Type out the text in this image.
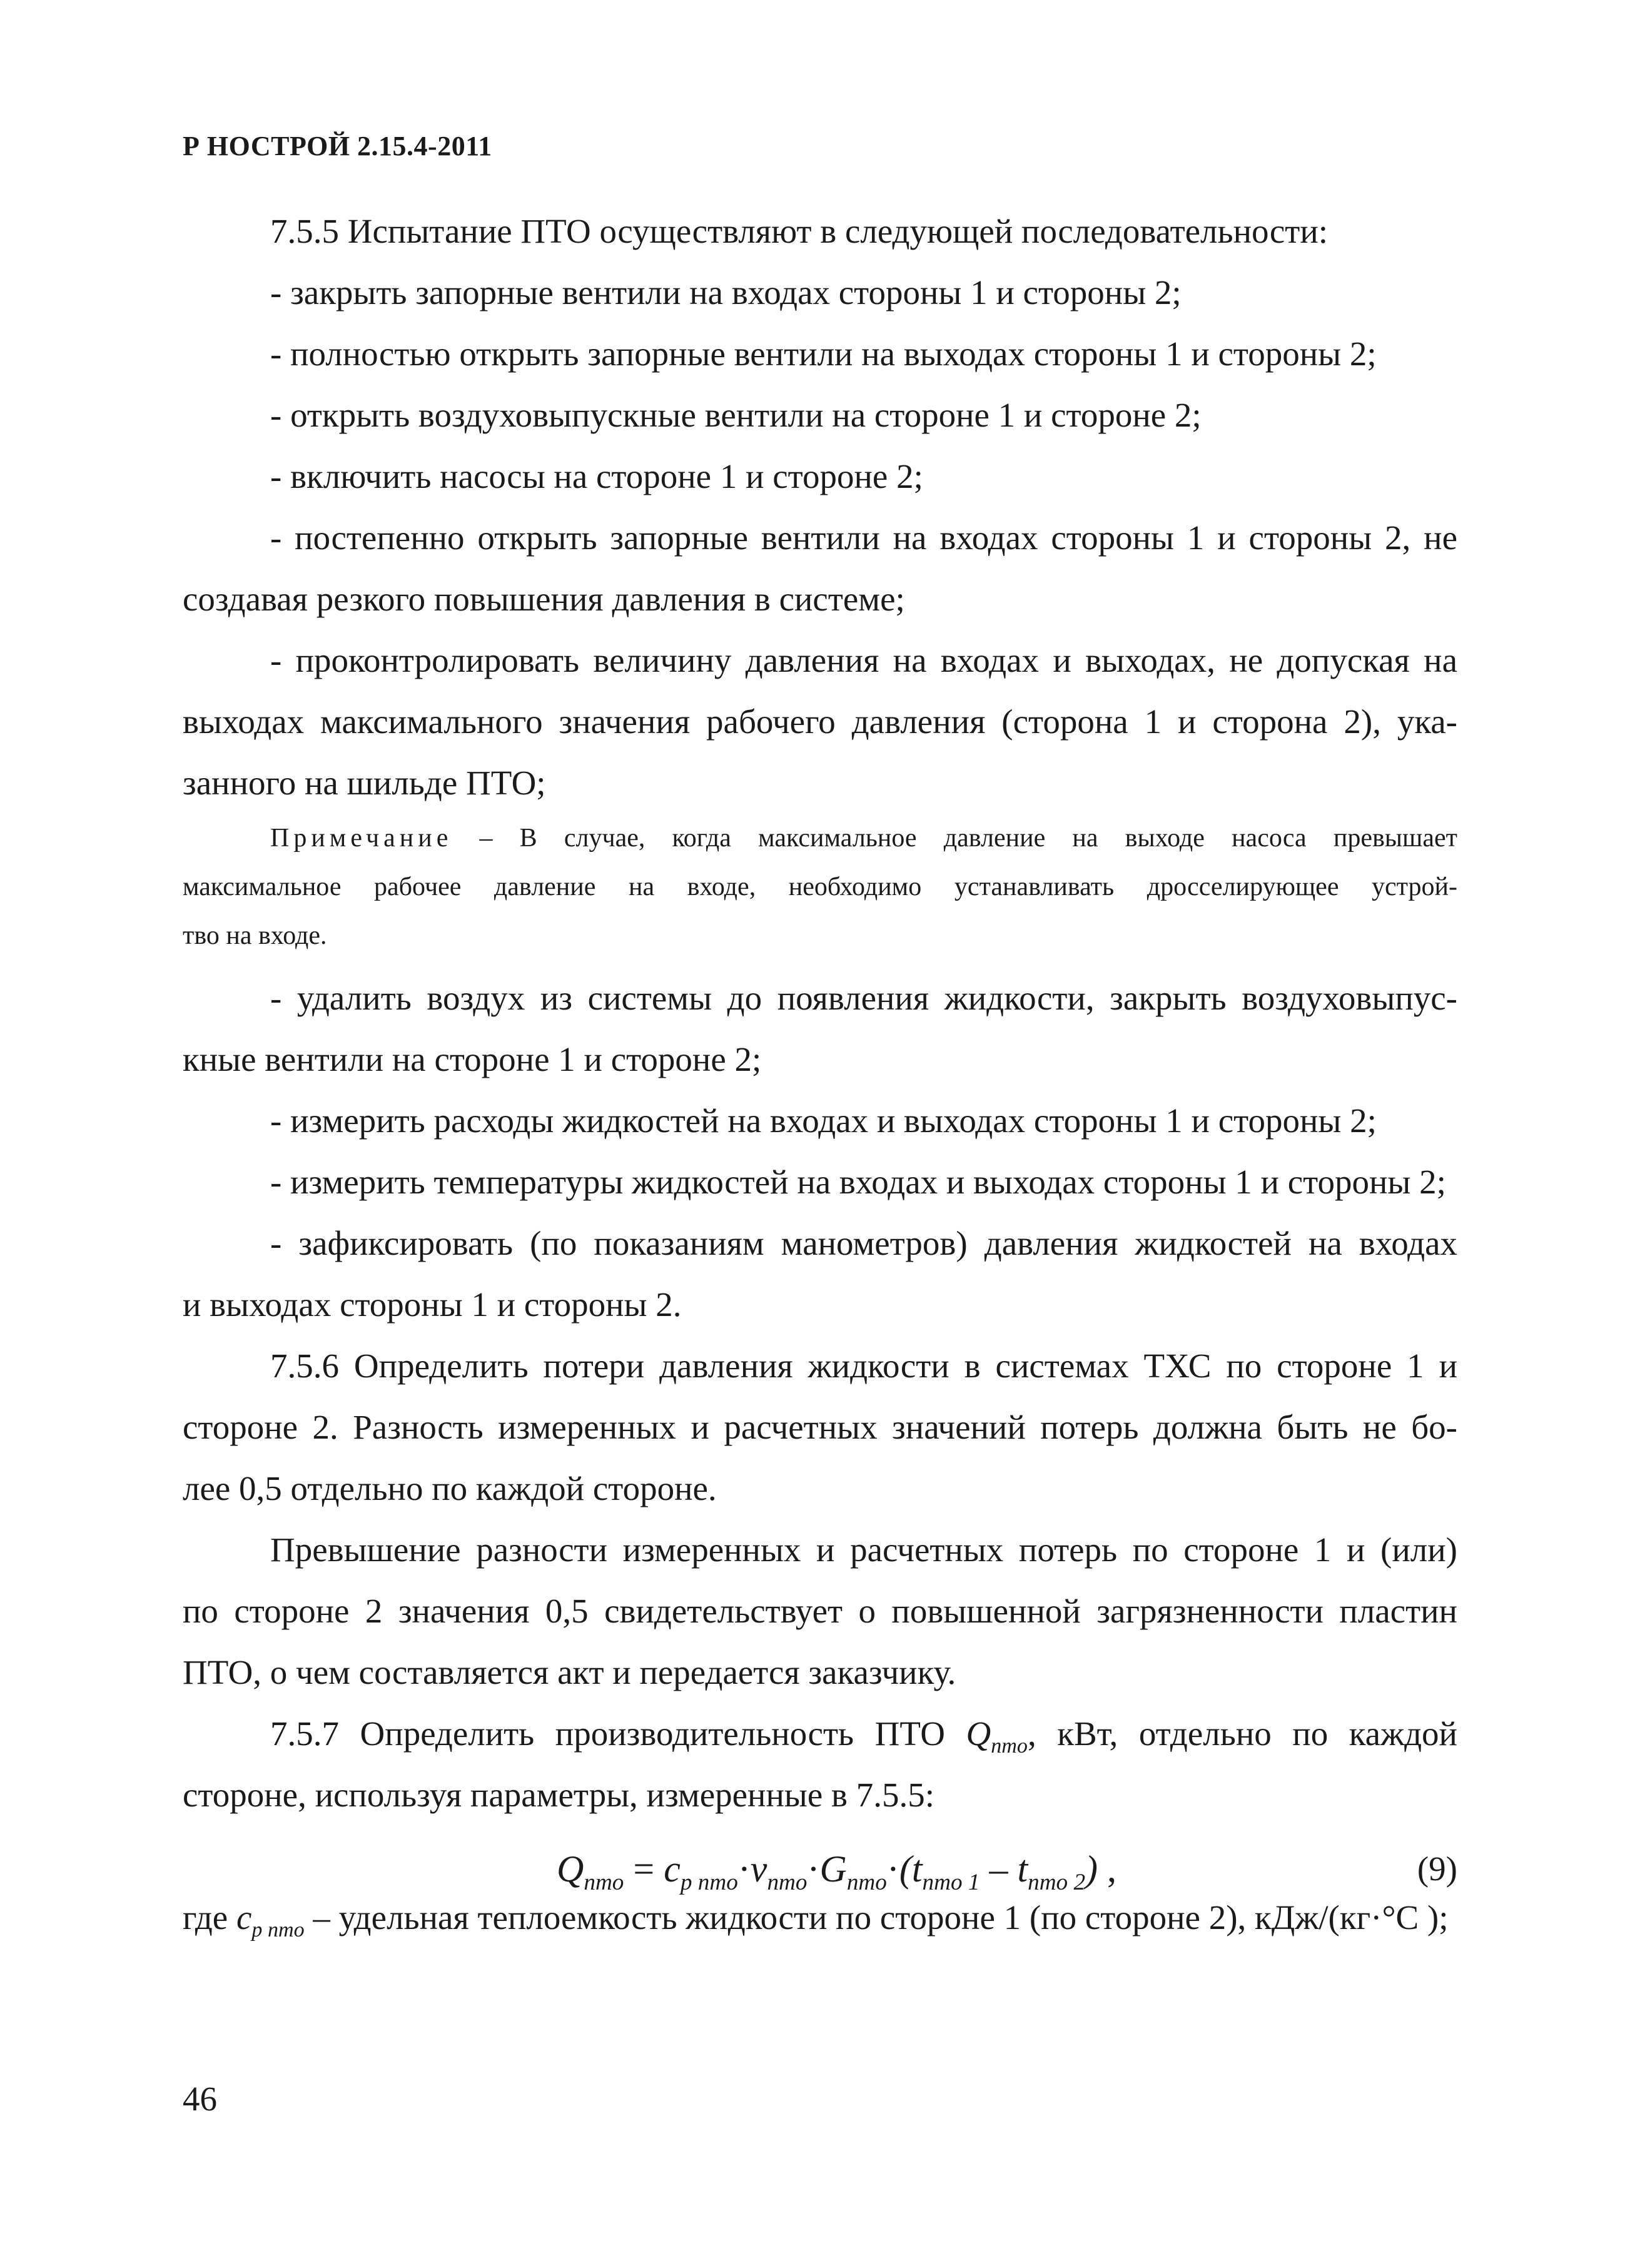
Р НОСТРОЙ 2.15.4-2011
7.5.5 Испытание ПТО осуществляют в следующей последовательности:
- закрыть запорные вентили на входах стороны 1 и стороны 2;
- полностью открыть запорные вентили на выходах стороны 1 и стороны 2;
- открыть воздуховыпускные вентили на стороне 1 и стороне 2;
- включить насосы на стороне 1 и стороне 2;
- постепенно открыть запорные вентили на входах стороны 1 и стороны 2, не
создавая резкого повышения давления в системе;
- проконтролировать величину давления на входах и выходах, не допуская на
выходах максимального значения рабочего давления (сторона 1 и сторона 2), ука-
занного на шильде ПТО;
Примечание – В случае, когда максимальное давление на выходе насоса превышает
максимальное рабочее давление на входе, необходимо устанавливать дросселирующее устрой-
тво на входе.
- удалить воздух из системы до появления жидкости, закрыть воздуховыпус-
кные вентили на стороне 1 и стороне 2;
- измерить расходы жидкостей на входах и выходах стороны 1 и стороны 2;
- измерить температуры жидкостей на входах и выходах стороны 1 и стороны 2;
- зафиксировать (по показаниям манометров) давления жидкостей на входах
и выходах стороны 1 и стороны 2.
7.5.6 Определить потери давления жидкости в системах ТХС по стороне 1 и
стороне 2. Разность измеренных и расчетных значений потерь должна быть не бо-
лее 0,5 отдельно по каждой стороне.
Превышение разности измеренных и расчетных потерь по стороне 1 и (или)
по стороне 2 значения 0,5 свидетельствует о повышенной загрязненности пластин
ПТО, о чем составляется акт и передается заказчику.
7.5.7 Определить производительность ПТО $Q_{пто}$, кВт, отдельно по каждой
стороне, используя параметры, измеренные в 7.5.5:
$Q_{пто} = c_{p пто}\cdot v_{пто}\cdot G_{пто}\cdot(t_{пто 1} - t_{пто 2})$ ,	(9)
где $c_{p пто}$ – удельная теплоемкость жидкости по стороне 1 (по стороне 2), кДж/(кг·°С );
46
